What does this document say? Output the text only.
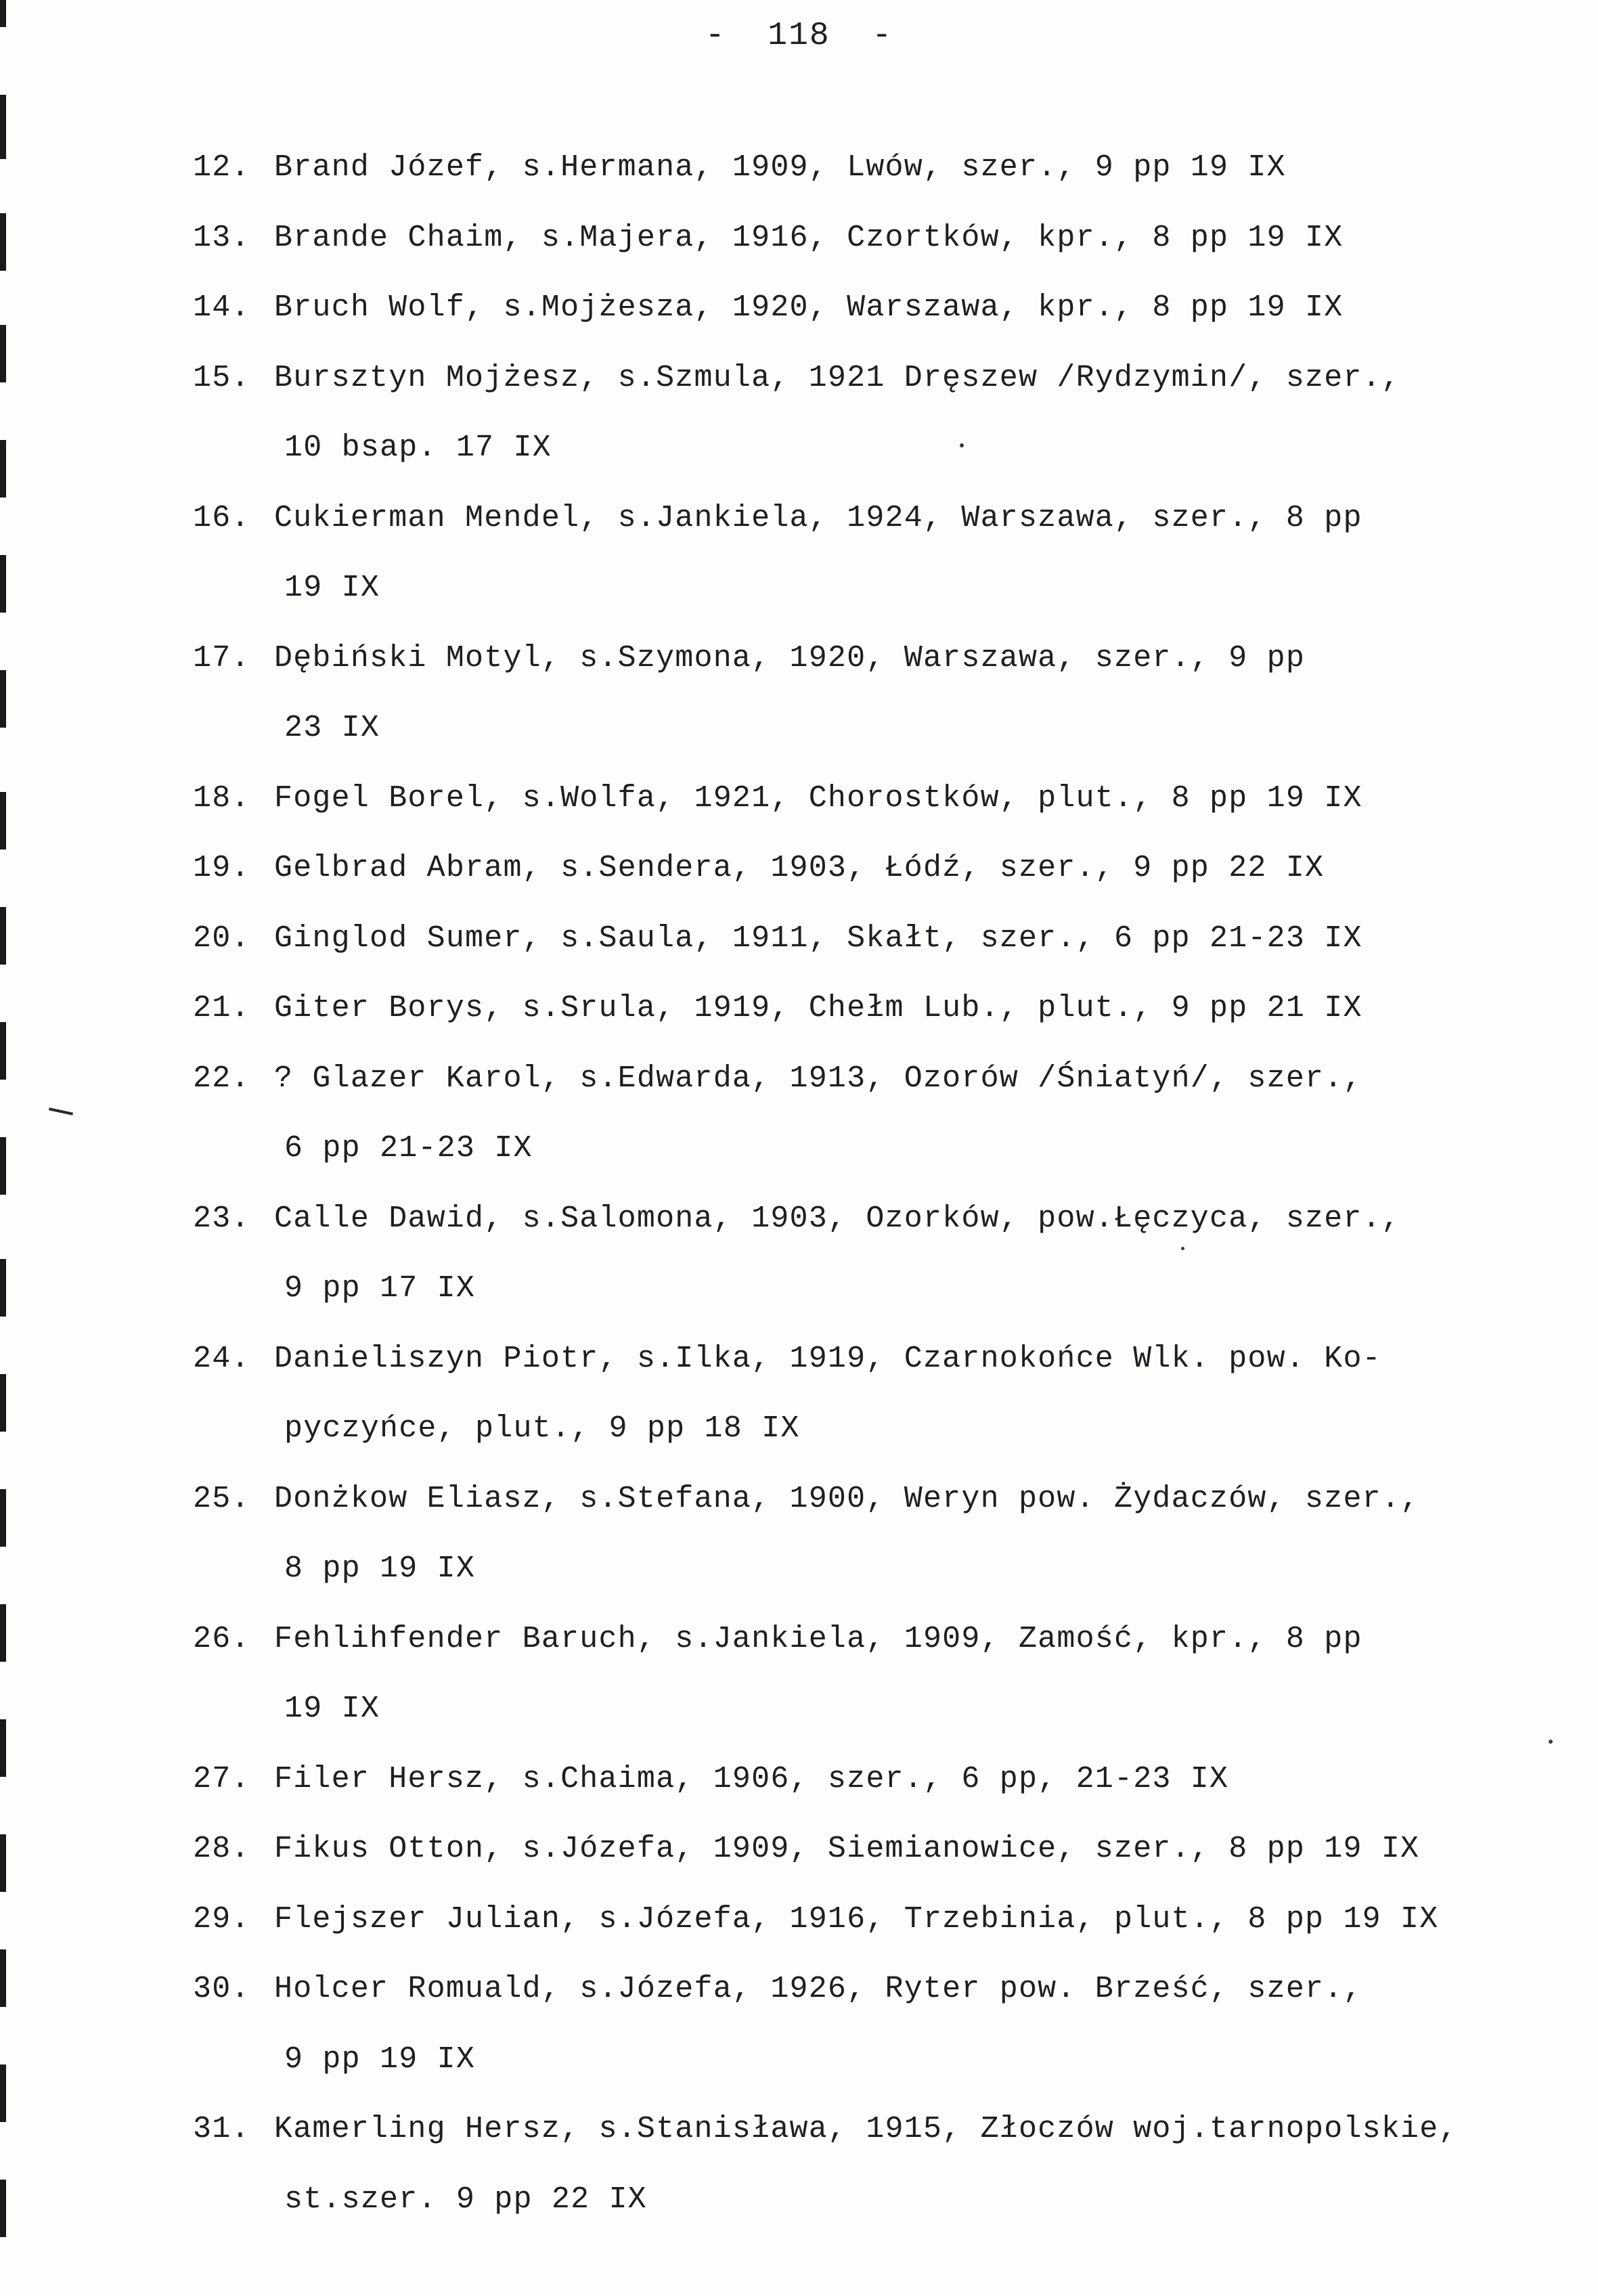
-  118  -
12. Brand Józef, s.Hermana, 1909, Lwów, szer., 9 pp 19 IX
13. Brande Chaim, s.Majera, 1916, Czortków, kpr., 8 pp 19 IX
14. Bruch Wolf, s.Mojżesza, 1920, Warszawa, kpr., 8 pp 19 IX
15. Bursztyn Mojżesz, s.Szmula, 1921 Dręszew /Rydzymin/, szer.,
10 bsap. 17 IX
16. Cukierman Mendel, s.Jankiela, 1924, Warszawa, szer., 8 pp
19 IX
17. Dębiński Motyl, s.Szymona, 1920, Warszawa, szer., 9 pp
23 IX
18. Fogel Borel, s.Wolfa, 1921, Chorostków, plut., 8 pp 19 IX
19. Gelbrad Abram, s.Sendera, 1903, Łódź, szer., 9 pp 22 IX
20. Ginglod Sumer, s.Saula, 1911, Skałt, szer., 6 pp 21-23 IX
21. Giter Borys, s.Srula, 1919, Chełm Lub., plut., 9 pp 21 IX
22. ? Glazer Karol, s.Edwarda, 1913, Ozorów /Śniatyń/, szer.,
6 pp 21-23 IX
23. Calle Dawid, s.Salomona, 1903, Ozorków, pow.Łęczyca, szer.,
9 pp 17 IX
24. Danieliszyn Piotr, s.Ilka, 1919, Czarnokońce Wlk. pow. Ko-
pyczyńce, plut., 9 pp 18 IX
25. Donżkow Eliasz, s.Stefana, 1900, Weryn pow. Żydaczów, szer.,
8 pp 19 IX
26. Fehlihfender Baruch, s.Jankiela, 1909, Zamość, kpr., 8 pp
19 IX
27. Filer Hersz, s.Chaima, 1906, szer., 6 pp, 21-23 IX
28. Fikus Otton, s.Józefa, 1909, Siemianowice, szer., 8 pp 19 IX
29. Flejszer Julian, s.Józefa, 1916, Trzebinia, plut., 8 pp 19 IX
30. Holcer Romuald, s.Józefa, 1926, Ryter pow. Brześć, szer.,
9 pp 19 IX
31. Kamerling Hersz, s.Stanisława, 1915, Złoczów woj.tarnopolskie,
st.szer. 9 pp 22 IX
